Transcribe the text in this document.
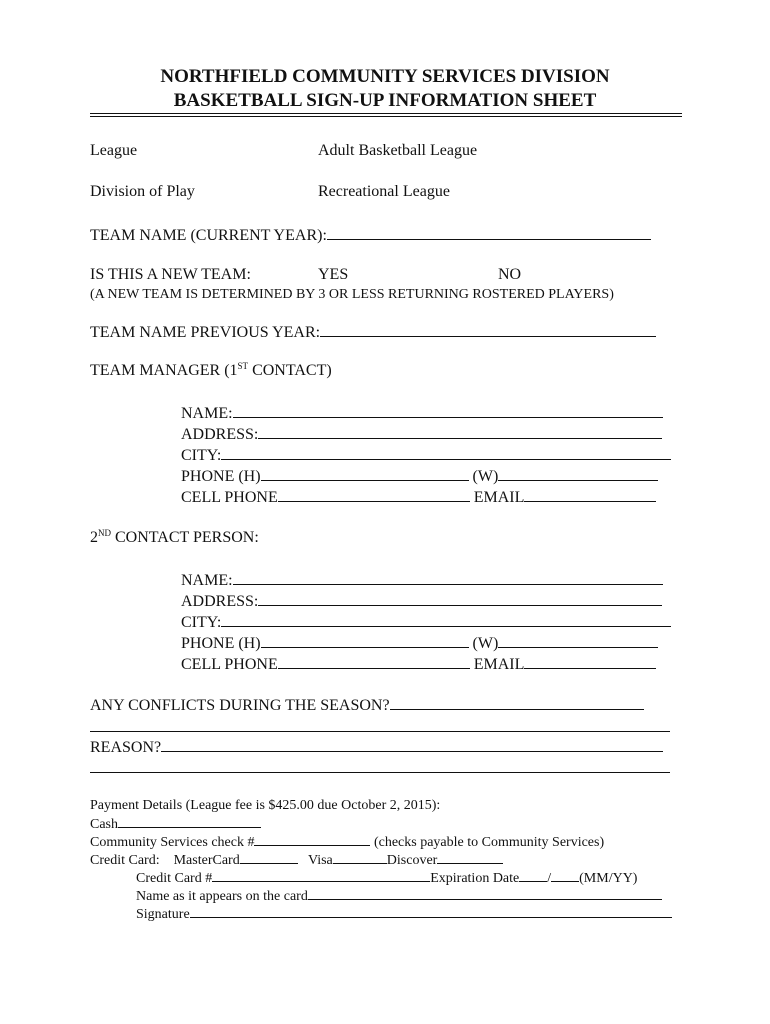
NORTHFIELD COMMUNITY SERVICES DIVISION
BASKETBALL SIGN-UP INFORMATION SHEET
League	Adult Basketball League
Division of Play	Recreational League
TEAM NAME (CURRENT YEAR):
IS THIS A NEW TEAM:	YES	NO
(A NEW TEAM IS DETERMINED BY 3 OR LESS RETURNING ROSTERED PLAYERS)
TEAM NAME PREVIOUS YEAR:
TEAM MANAGER (1ST CONTACT)
NAME:
ADDRESS:
CITY:
PHONE (H)	(W)
CELL PHONE	EMAIL
2ND CONTACT PERSON:
NAME:
ADDRESS:
CITY:
PHONE (H)	(W)
CELL PHONE	EMAIL
ANY CONFLICTS DURING THE SEASON?
REASON?
Payment Details (League fee is $425.00 due October 2, 2015):
Cash
Community Services check #	(checks payable to Community Services)
Credit Card: MasterCard	Visa	Discover
Credit Card #	Expiration Date / (MM/YY)
Name as it appears on the card
Signature
